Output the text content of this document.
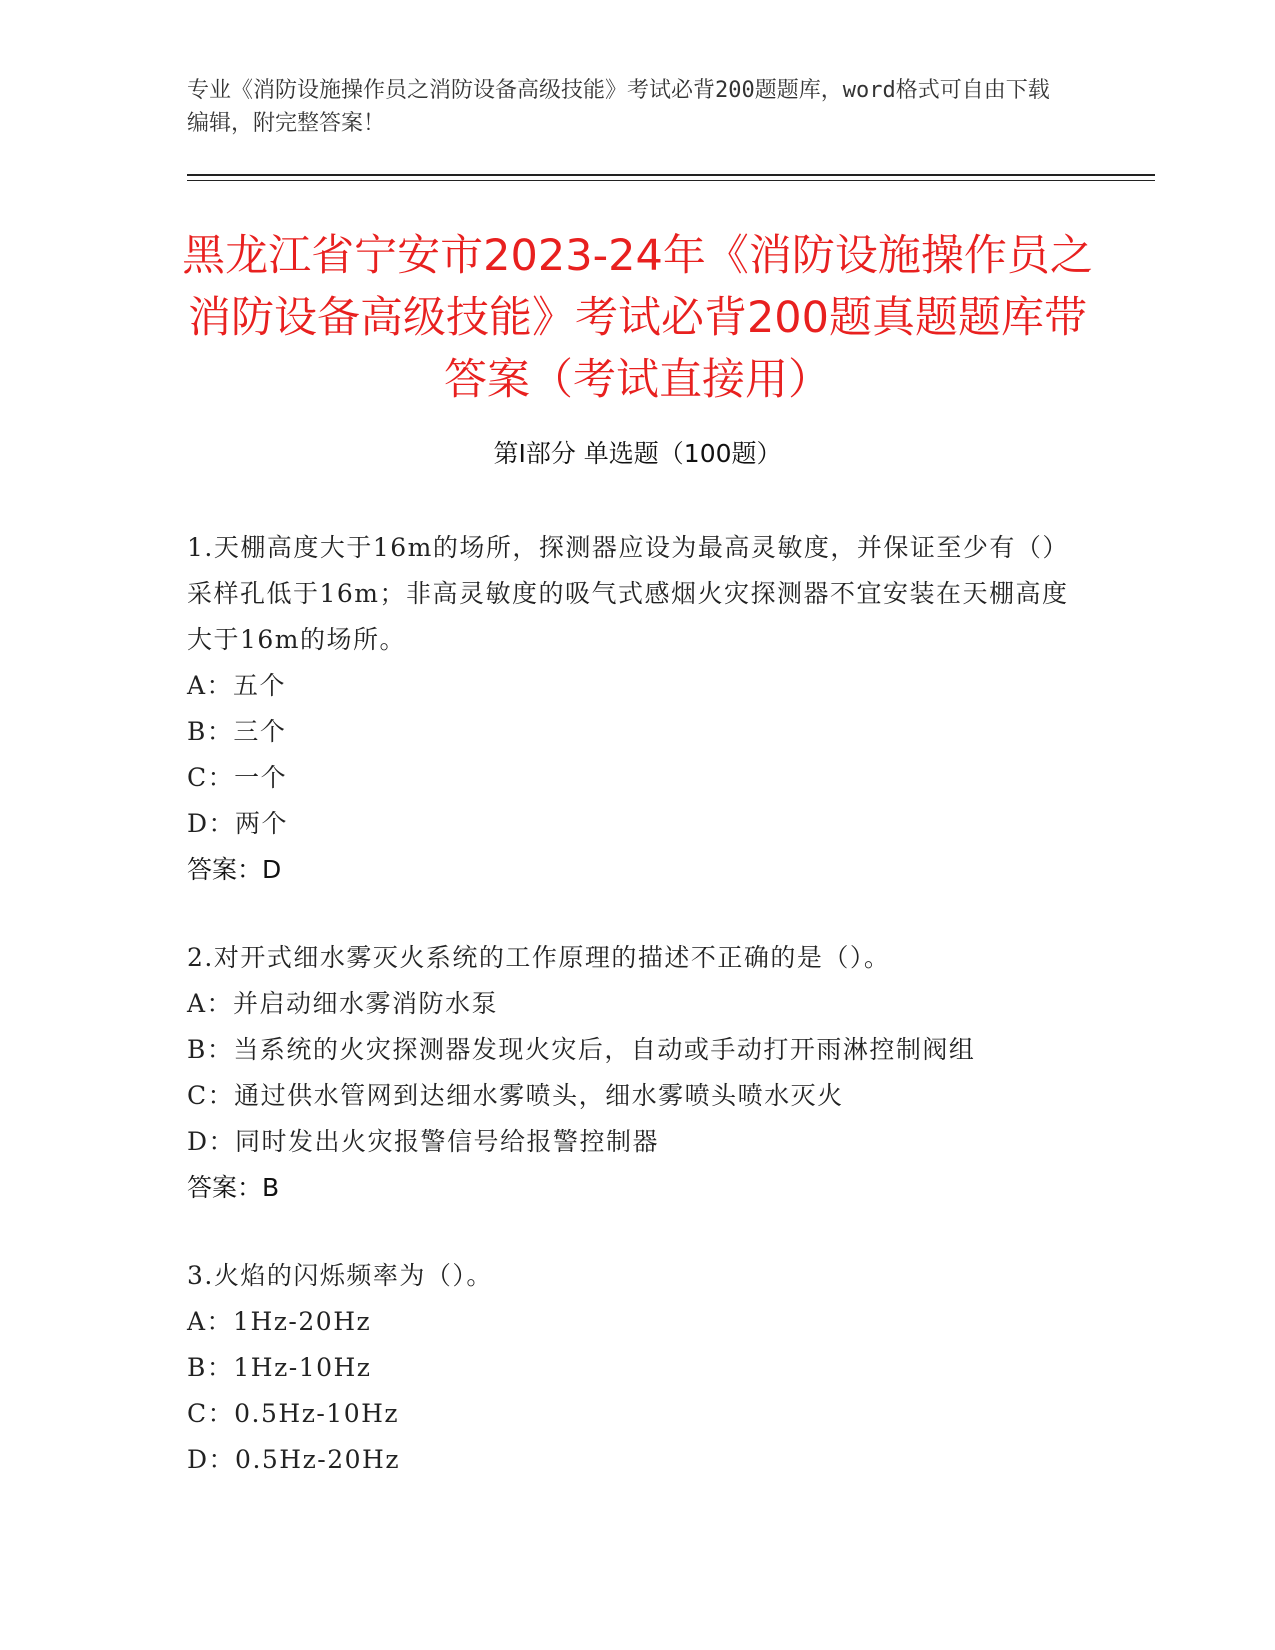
专业《消防设施操作员之消防设备高级技能》考试必背200题题库，word格式可自由下载编辑，附完整答案！
黑龙江省宁安市2023-24年《消防设施操作员之消防设备高级技能》考试必背200题真题题库带答案（考试直接用）
第Ⅰ部分 单选题（100题）
1.天棚高度大于16m的场所，探测器应设为最高灵敏度，并保证至少有（）采样孔低于16m；非高灵敏度的吸气式感烟火灾探测器不宜安装在天棚高度大于16m的场所。
A：五个
B：三个
C：一个
D：两个
答案：D
2.对开式细水雾灭火系统的工作原理的描述不正确的是（）。
A：并启动细水雾消防水泵
B：当系统的火灾探测器发现火灾后，自动或手动打开雨淋控制阀组
C：通过供水管网到达细水雾喷头，细水雾喷头喷水灭火
D：同时发出火灾报警信号给报警控制器
答案：B
3.火焰的闪烁频率为（）。
A：1Hz-20Hz
B：1Hz-10Hz
C：0.5Hz-10Hz
D：0.5Hz-20Hz
